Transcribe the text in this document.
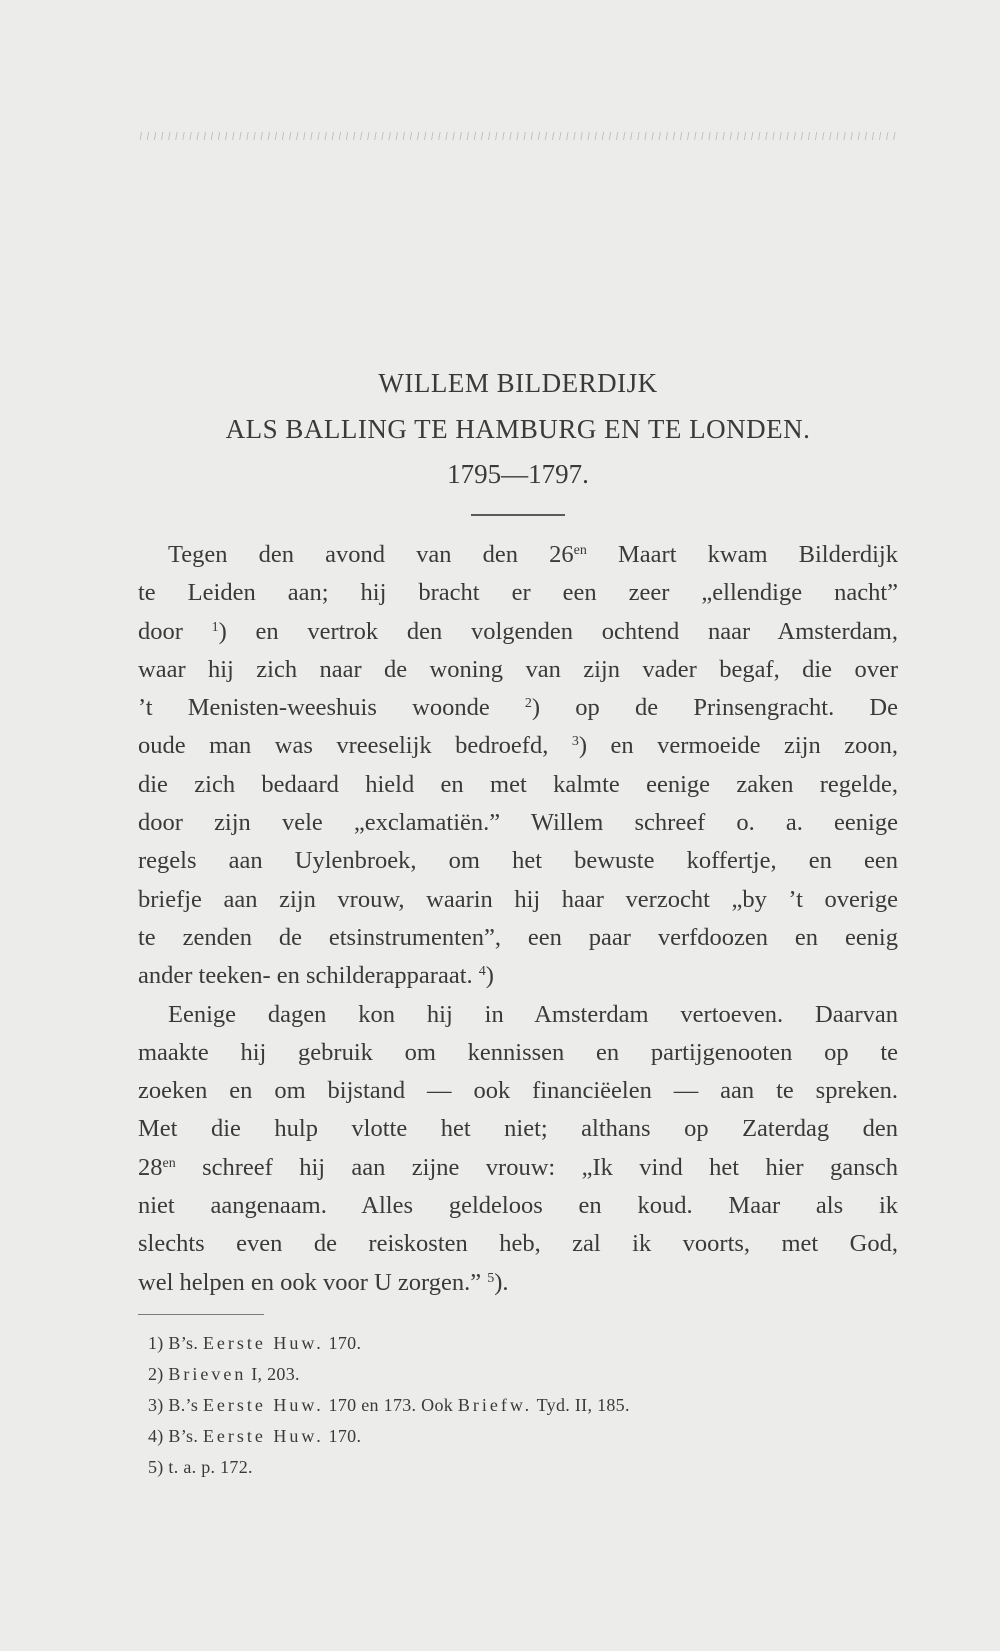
WILLEM BILDERDIJK
ALS BALLING TE HAMBURG EN TE LONDEN.
1795—1797.
Tegen den avond van den $26^{en}$ Maart kwam Bilderdijk
te Leiden aan; hij bracht er een zeer „ellendige nacht”
door $^1$) en vertrok den volgenden ochtend naar Amsterdam,
waar hij zich naar de woning van zijn vader begaf, die over
’t Menisten-weeshuis woonde $^2$) op de Prinsengracht. De
oude man was vreeselijk bedroefd, $^3$) en vermoeide zijn zoon,
die zich bedaard hield en met kalmte eenige zaken regelde,
door zijn vele „exclamatiën.” Willem schreef o. a. eenige
regels aan Uylenbroek, om het bewuste koffertje, en een
briefje aan zijn vrouw, waarin hij haar verzocht „by ’t overige
te zenden de etsinstrumenten”, een paar verfdoozen en eenig
ander teeken- en schilderapparaat. $^4$)
Eenige dagen kon hij in Amsterdam vertoeven. Daarvan
maakte hij gebruik om kennissen en partijgenooten op te
zoeken en om bijstand — ook financiëelen — aan te spreken.
Met die hulp vlotte het niet; althans op Zaterdag den
$28^{en}$ schreef hij aan zijne vrouw: „Ik vind het hier gansch
niet aangenaam. Alles geldeloos en koud. Maar als ik
slechts even de reiskosten heb, zal ik voorts, met God,
wel helpen en ook voor U zorgen.” $^5$).
1) B’s. Eerste Huw. 170.
2) Brieven I, 203.
3) B.’s Eerste Huw. 170 en 173. Ook Briefw. Tyd. II, 185.
4) B’s. Eerste Huw. 170.
5) t. a. p. 172.
